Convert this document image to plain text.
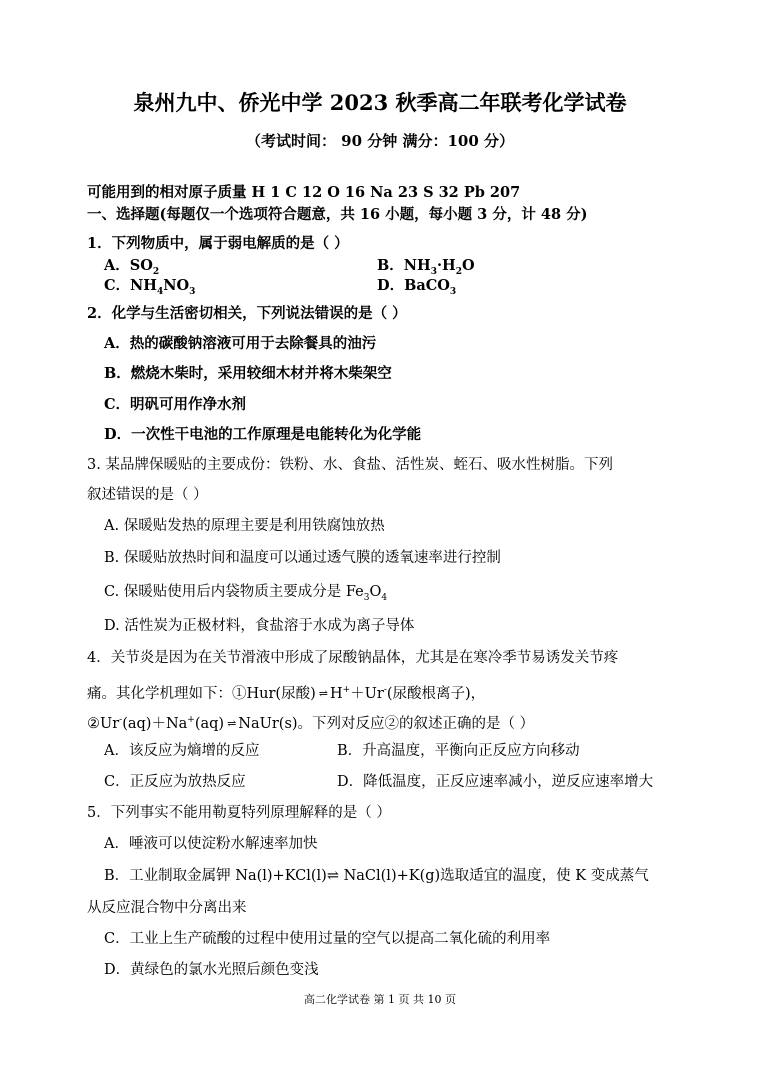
泉州九中、侨光中学 2023 秋季高二年联考化学试卷
（考试时间： 90 分钟 满分：100 分）
可能用到的相对原子质量 H 1 C 12 O 16 Na 23 S 32 Pb 207
一、选择题(每题仅一个选项符合题意，共 16 小题，每小题 3 分，计 48 分)
1．下列物质中，属于弱电解质的是（ ）
A．$SO_2$	B．$NH_3\cdot H_2O$
C．$NH_4NO_3$	D．BaCO$_3$
2．化学与生活密切相关，下列说法错误的是（ ）
A．热的碳酸钠溶液可用于去除餐具的油污
B．燃烧木柴时，采用较细木材并将木柴架空
C．明矾可用作净水剂
D．一次性干电池的工作原理是电能转化为化学能
3. 某品牌保暖贴的主要成份：铁粉、水、食盐、活性炭、蛭石、吸水性树脂。下列
叙述错误的是（ ）
A. 保暖贴发热的原理主要是利用铁腐蚀放热
B. 保暖贴放热时间和温度可以通过透气膜的透氧速率进行控制
C. 保暖贴使用后内袋物质主要成分是 $Fe_3O_4$
D. 活性炭为正极材料，食盐溶于水成为离子导体
4．关节炎是因为在关节滑液中形成了尿酸钠晶体，尤其是在寒冷季节易诱发关节疼
痛。其化学机理如下：①Hur(尿酸) ⇌ H+＋Ur-(尿酸根离子)，
②Ur-(aq)＋Na+(aq) ⇌ NaUr(s)。下列对反应②的叙述正确的是（ ）
A．该反应为熵增的反应	B．升高温度，平衡向正反应方向移动
C．正反应为放热反应	D．降低温度，正反应速率减小，逆反应速率增大
5．下列事实不能用勒夏特列原理解释的是（ ）
A．唾液可以使淀粉水解速率加快
B．工业制取金属钾 Na(l)+KCl(l)⇌ NaCl(l)+K(g)选取适宜的温度，使 K 变成蒸气
从反应混合物中分离出来
C．工业上生产硫酸的过程中使用过量的空气以提高二氧化硫的利用率
D．黄绿色的氯水光照后颜色变浅
高二化学试卷 第 1 页 共 10 页
